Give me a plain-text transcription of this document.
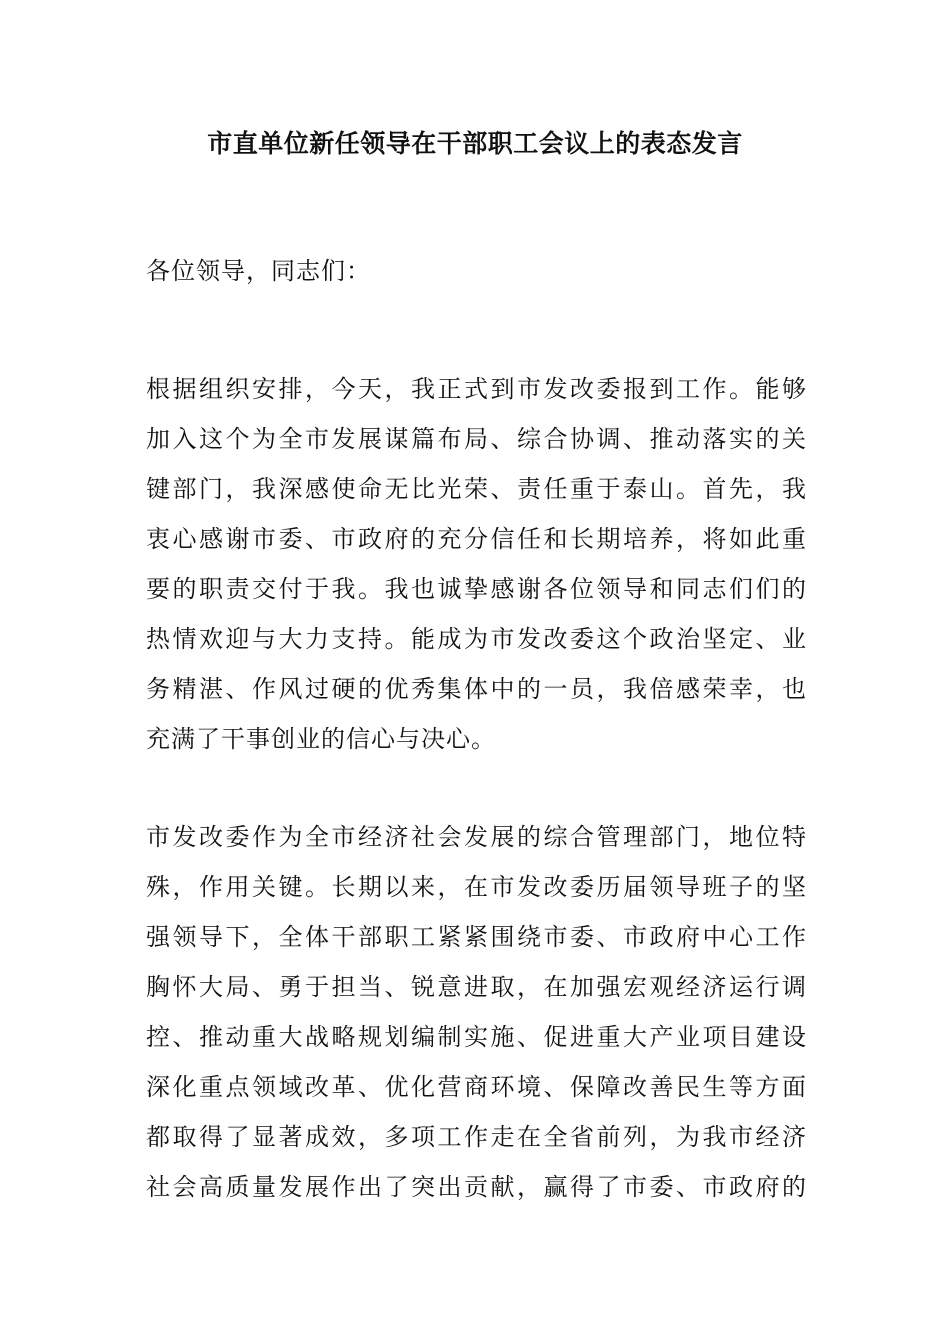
市直单位新任领导在干部职工会议上的表态发言

各位领导，同志们：

根据组织安排，今天，我正式到市发改委报到工作。能够
加入这个为全市发展谋篇布局、综合协调、推动落实的关
键部门，我深感使命无比光荣、责任重于泰山。首先，我
衷心感谢市委、市政府的充分信任和长期培养，将如此重
要的职责交付于我。我也诚挚感谢各位领导和同志们们的
热情欢迎与大力支持。能成为市发改委这个政治坚定、业
务精湛、作风过硬的优秀集体中的一员，我倍感荣幸，也
充满了干事创业的信心与决心。
市发改委作为全市经济社会发展的综合管理部门，地位特
殊，作用关键。长期以来，在市发改委历届领导班子的坚
强领导下，全体干部职工紧紧围绕市委、市政府中心工作
胸怀大局、勇于担当、锐意进取，在加强宏观经济运行调
控、推动重大战略规划编制实施、促进重大产业项目建设
深化重点领域改革、优化营商环境、保障改善民生等方面
都取得了显著成效，多项工作走在全省前列，为我市经济
社会高质量发展作出了突出贡献，赢得了市委、市政府的
